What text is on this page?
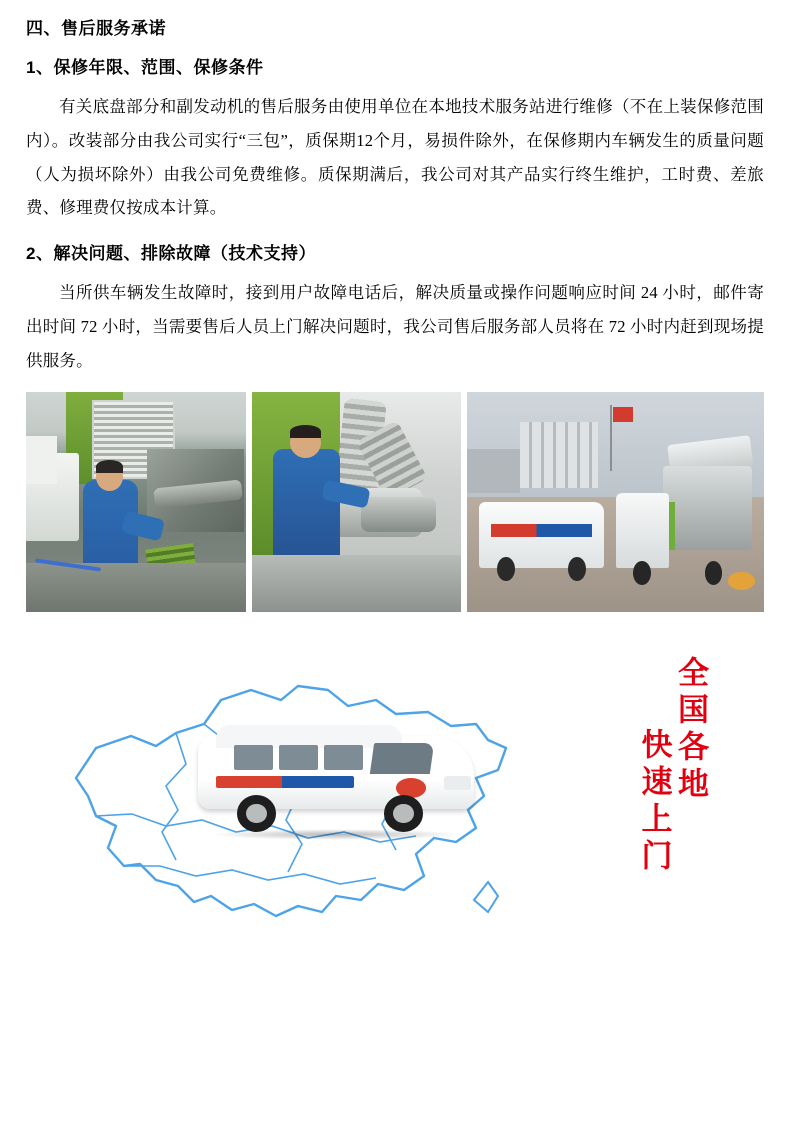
四、售后服务承诺
1、保修年限、范围、保修条件

有关底盘部分和副发动机的售后服务由使用单位在本地技术服务站进行维修（不在上装保修范围内）。改装部分由我公司实行“三包”，质保期12个月，易损件除外，在保修期内车辆发生的质量问题（人为损坏除外）由我公司免费维修。质保期满后，我公司对其产品实行终生维护，工时费、差旅费、修理费仅按成本计算。

2、解决问题、排除故障（技术支持）

当所供车辆发生故障时，接到用户故障电话后，解决质量或操作问题响应时间 24 小时，邮件寄出时间 72 小时，当需要售后人员上门解决问题时，我公司售后服务部人员将在 72 小时内赶到现场提供服务。

全国各地
快速上门
